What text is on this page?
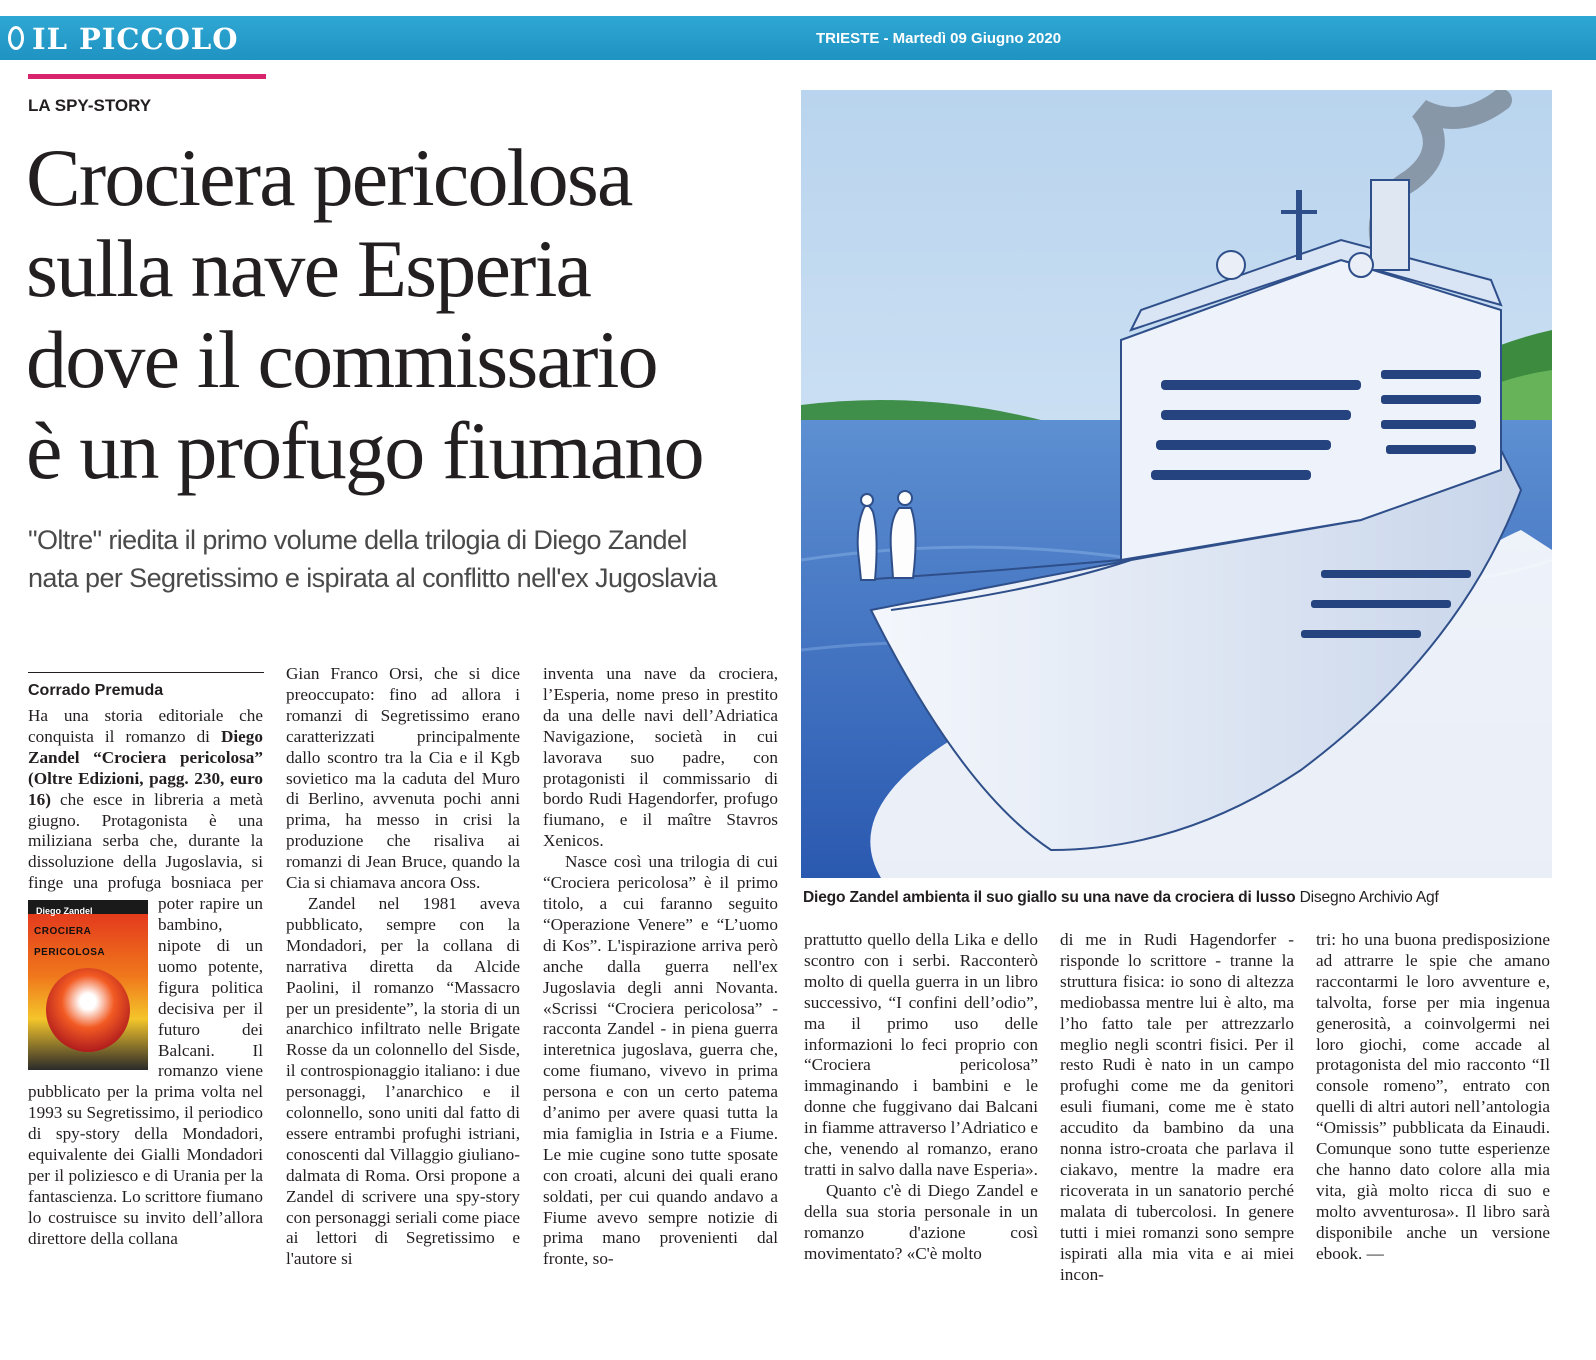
IL PICCOLO	TRIESTE - Martedì 09 Giugno 2020
LA SPY-STORY
Crociera pericolosa
sulla nave Esperia
dove il commissario
è un profugo fiumano
"Oltre" riedita il primo volume della trilogia di Diego Zandel
nata per Segretissimo e ispirata al conflitto nell'ex Jugoslavia
Corrado Premuda

Ha una storia editoriale che conquista il romanzo di Diego Zandel “Crociera pericolosa” (Oltre Edizioni, pagg. 230, euro 16) che esce in libreria a metà giugno. Protagonista è una miliziana serba che, durante la dissoluzione della Jugoslavia, si finge una profuga bosniaca per poter
Diego Zandel
CROCIERA PERICOLOSA
rapire un bambino, nipote di un uomo potente, figura politica decisiva per il futuro dei Balcani. Il romanzo viene pubblicato per la prima volta nel 1993 su Segretissimo, il periodico di spy-story della Mondadori, equivalente dei Gialli Mondadori per il poliziesco e di Urania per la fantascienza. Lo scrittore fiumano lo costruisce su invito dell’allora direttore della collana

Gian Franco Orsi, che si dice preoccupato: fino ad allora i romanzi di Segretissimo erano caratterizzati principalmente dallo scontro tra la Cia e il Kgb sovietico ma la caduta del Muro di Berlino, avvenuta pochi anni prima, ha messo in crisi la produzione che risaliva ai romanzi di Jean Bruce, quando la Cia si chiamava ancora Oss.

Zandel nel 1981 aveva pubblicato, sempre con la Mondadori, per la collana di narrativa diretta da Alcide Paolini, il romanzo “Massacro per un presidente”, la storia di un anarchico infiltrato nelle Brigate Rosse da un colonnello del Sisde, il controspionaggio italiano: i due personaggi, l’anarchico e il colonnello, sono uniti dal fatto di essere entrambi profughi istriani, conoscenti dal Villaggio giuliano-dalmata di Roma. Orsi propone a Zandel di scrivere una spy-story con personaggi seriali come piace ai lettori di Segretissimo e l'autore si

inventa una nave da crociera, l’Esperia, nome preso in prestito da una delle navi dell’Adriatica Navigazione, società in cui lavorava suo padre, con protagonisti il commissario di bordo Rudi Hagendorfer, profugo fiumano, e il maître Stavros Xenicos.

Nasce così una trilogia di cui “Crociera pericolosa” è il primo titolo, a cui faranno seguito “Operazione Venere” e “L’uomo di Kos”. L'ispirazione arriva però anche dalla guerra nell'ex Jugoslavia degli anni Novanta. «Scrissi “Crociera pericolosa” - racconta Zandel - in piena guerra interetnica jugoslava, guerra che, come fiumano, vivevo in prima persona e con un certo patema d’animo per avere quasi tutta la mia famiglia in Istria e a Fiume. Le mie cugine sono tutte sposate con croati, alcuni dei quali erano soldati, per cui quando andavo a Fiume avevo sempre notizie di prima mano provenienti dal fronte, so-

Diego Zandel ambienta il suo giallo su una nave da crociera di lusso Disegno Archivio Agf

prattutto quello della Lika e dello scontro con i serbi. Racconterò molto di quella guerra in un libro successivo, “I confini dell’odio”, ma il primo uso delle informazioni lo feci proprio con “Crociera pericolosa” immaginando i bambini e le donne che fuggivano dai Balcani in fiamme attraverso l’Adriatico e che, venendo al romanzo, erano tratti in salvo dalla nave Esperia».

Quanto c'è di Diego Zandel e della sua storia personale in un romanzo d'azione così movimentato? «C'è molto

di me in Rudi Hagendorfer - risponde lo scrittore - tranne la struttura fisica: io sono di altezza mediobassa mentre lui è alto, ma l’ho fatto tale per attrezzarlo meglio negli scontri fisici. Per il resto Rudi è nato in un campo profughi come me da genitori esuli fiumani, come me è stato accudito da bambino da una nonna istro-croata che parlava il ciakavo, mentre la madre era ricoverata in un sanatorio perché malata di tubercolosi. In genere tutti i miei romanzi sono sempre ispirati alla mia vita e ai miei incon-

tri: ho una buona predisposizione ad attrarre le spie che amano raccontarmi le loro avventure e, talvolta, forse per mia ingenua generosità, a coinvolgermi nei loro giochi, come accade al protagonista del mio racconto “Il console romeno”, entrato con quelli di altri autori nell’antologia “Omissis” pubblicata da Einaudi. Comunque sono tutte esperienze che hanno dato colore alla mia vita, già molto ricca di suo e molto avventurosa». Il libro sarà disponibile anche un versione ebook. —
